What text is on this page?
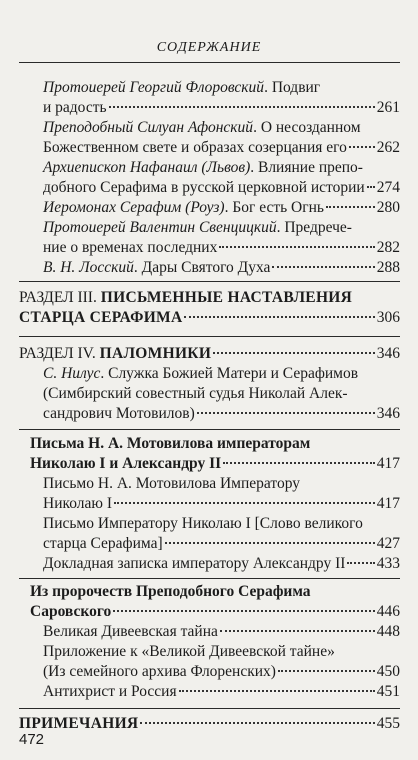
СОДЕРЖАНИЕ
Протоиерей Георгий Флоровский. Подвиг
и радость	261
Преподобный Силуан Афонский. О несозданном
Божественном свете и образах созерцания его 262
Архиепископ Нафанаил (Львов). Влияние препо-
добного Серафима в русской церковной истории 274
Иеромонах Серафим (Роуз). Бог есть Огнь	280
Протоиерей Валентин Свенцицкий. Предрече-
ние о временах последних	282
В. Н. Лосский. Дары Святого Духа	288
РАЗДЕЛ III. ПИСЬМЕННЫЕ НАСТАВЛЕНИЯ
СТАРЦА СЕРАФИМА	306
РАЗДЕЛ IV. ПАЛОМНИКИ	346
С. Нилус. Служка Божией Матери и Серафимов
(Симбирский совестный судья Николай Алек-
сандрович Мотовилов)	346
Письма Н. А. Мотовилова императорам
Николаю I и Александру II	417
Письмо Н. А. Мотовилова Императору
Николаю I	417
Письмо Императору Николаю I [Слово великого
старца Серафима]	427
Докладная записка императору Александру II 433
Из пророчеств Преподобного Серафима
Саровского	446
Великая Дивеевская тайна	448
Приложение к «Великой Дивеевской тайне»
(Из семейного архива Флоренских)	450
Антихрист и Россия	451
ПРИМЕЧАНИЯ	455
472
